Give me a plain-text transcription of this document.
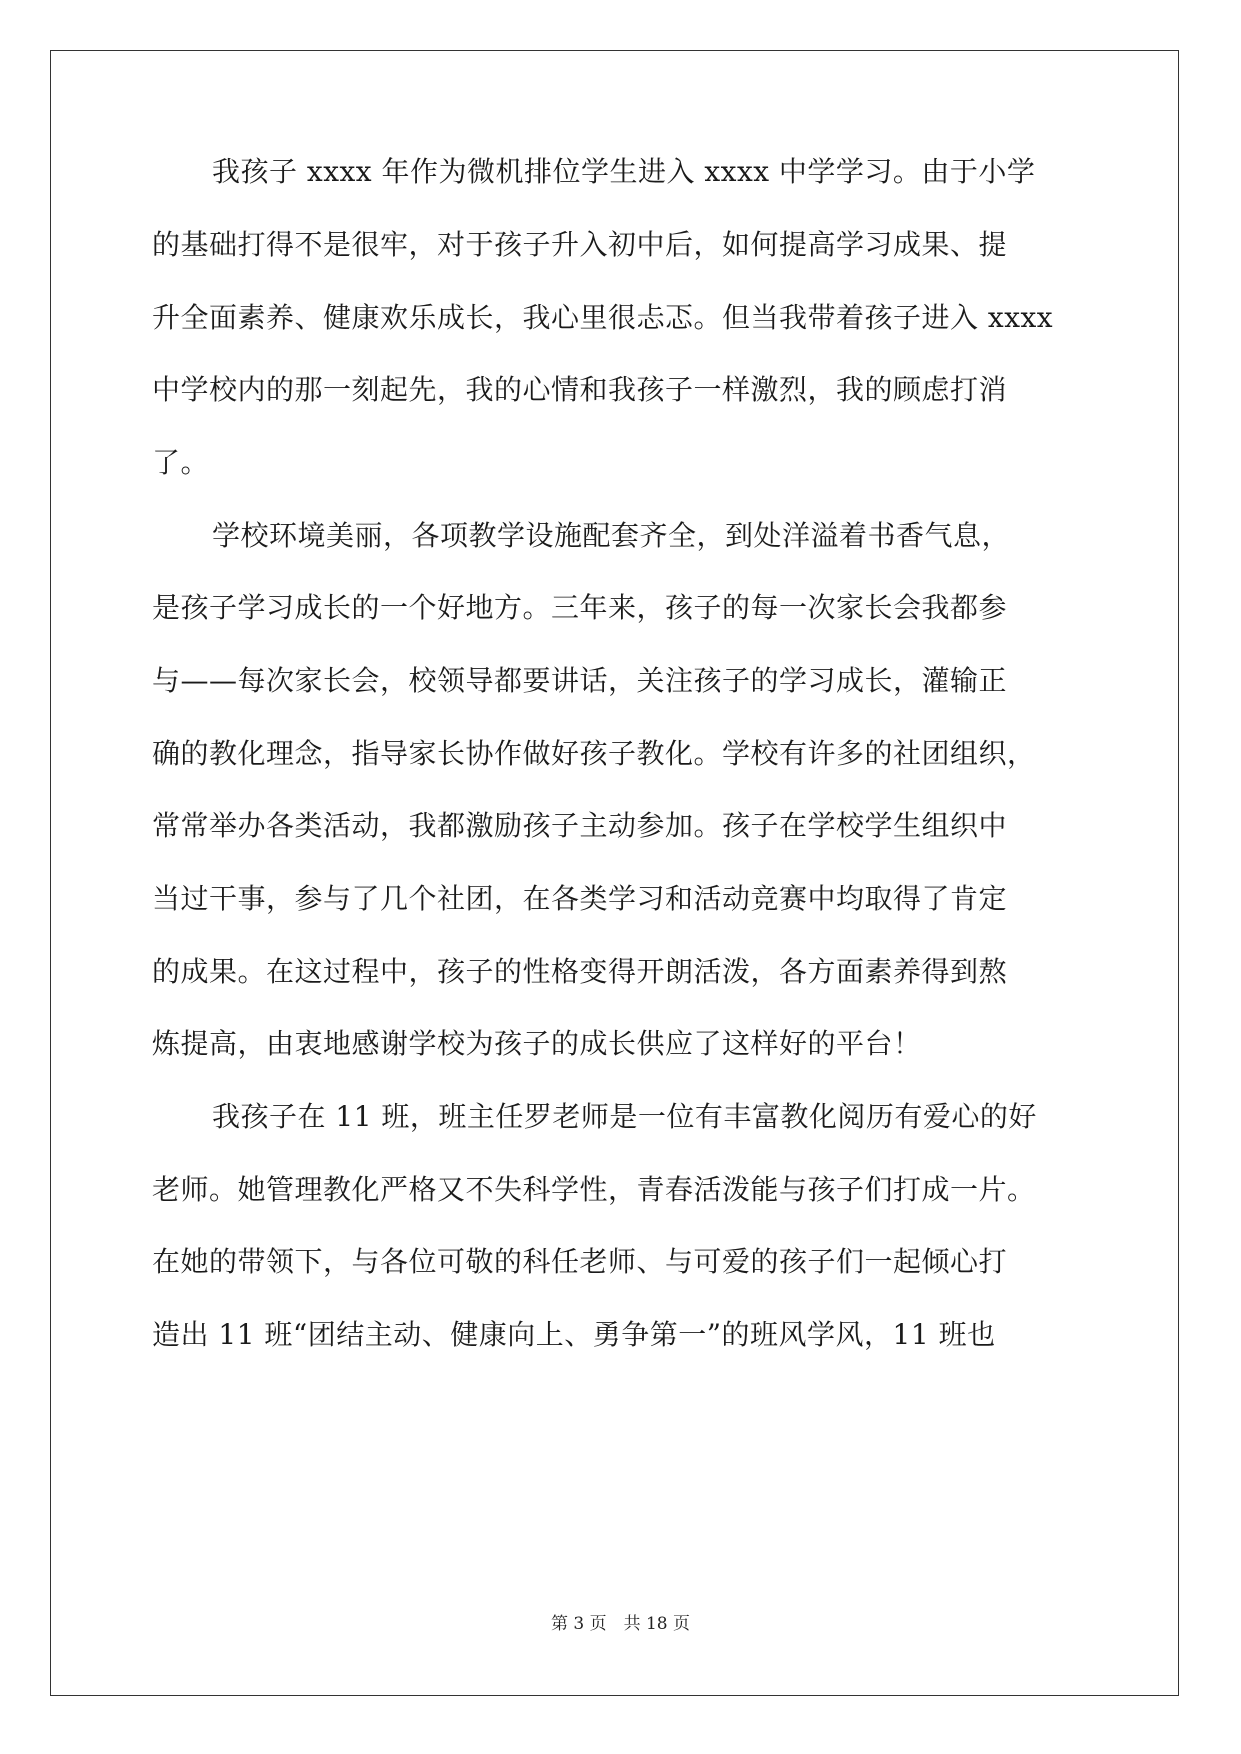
我孩子 xxxx 年作为微机排位学生进入 xxxx 中学学习。由于小学
的基础打得不是很牢，对于孩子升入初中后，如何提高学习成果、提
升全面素养、健康欢乐成长，我心里很忐忑。但当我带着孩子进入 xxxx
中学校内的那一刻起先，我的心情和我孩子一样激烈，我的顾虑打消
了。
学校环境美丽，各项教学设施配套齐全，到处洋溢着书香气息，
是孩子学习成长的一个好地方。三年来，孩子的每一次家长会我都参
与——每次家长会，校领导都要讲话，关注孩子的学习成长，灌输正
确的教化理念，指导家长协作做好孩子教化。学校有许多的社团组织，
常常举办各类活动，我都激励孩子主动参加。孩子在学校学生组织中
当过干事，参与了几个社团，在各类学习和活动竞赛中均取得了肯定
的成果。在这过程中，孩子的性格变得开朗活泼，各方面素养得到熬
炼提高，由衷地感谢学校为孩子的成长供应了这样好的平台！
我孩子在 11 班，班主任罗老师是一位有丰富教化阅历有爱心的好
老师。她管理教化严格又不失科学性，青春活泼能与孩子们打成一片。
在她的带领下，与各位可敬的科任老师、与可爱的孩子们一起倾心打
造出 11 班“团结主动、健康向上、勇争第一”的班风学风，11 班也
第 3 页　共 18 页
